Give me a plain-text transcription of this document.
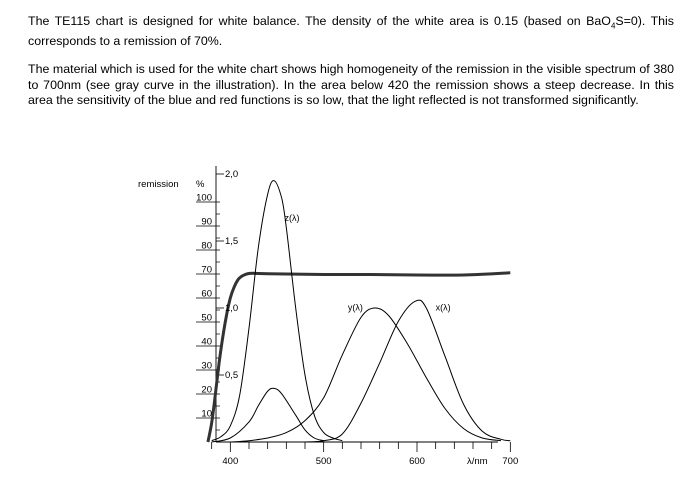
The TE115 chart is designed for white balance. The density of the white area is 0.15 (based on BaO$_4$S=0). This corresponds to a remission of 70%.

The material which is used for the white chart shows high homogeneity of the remission in the visible spectrum of 380 to 700nm (see gray curve in the illustration). In the area below 420 the remission shows a steep decrease. In this area the sensitivity of the blue and red functions is so low, that the light reflected is not transformed significantly.

10
20
30
40
50
60
70
80
90
100
0,5
1,0
1,5
2,0
400	500	600	700
remission %
λ/nm
z(λ)
y(λ)	x(λ)
